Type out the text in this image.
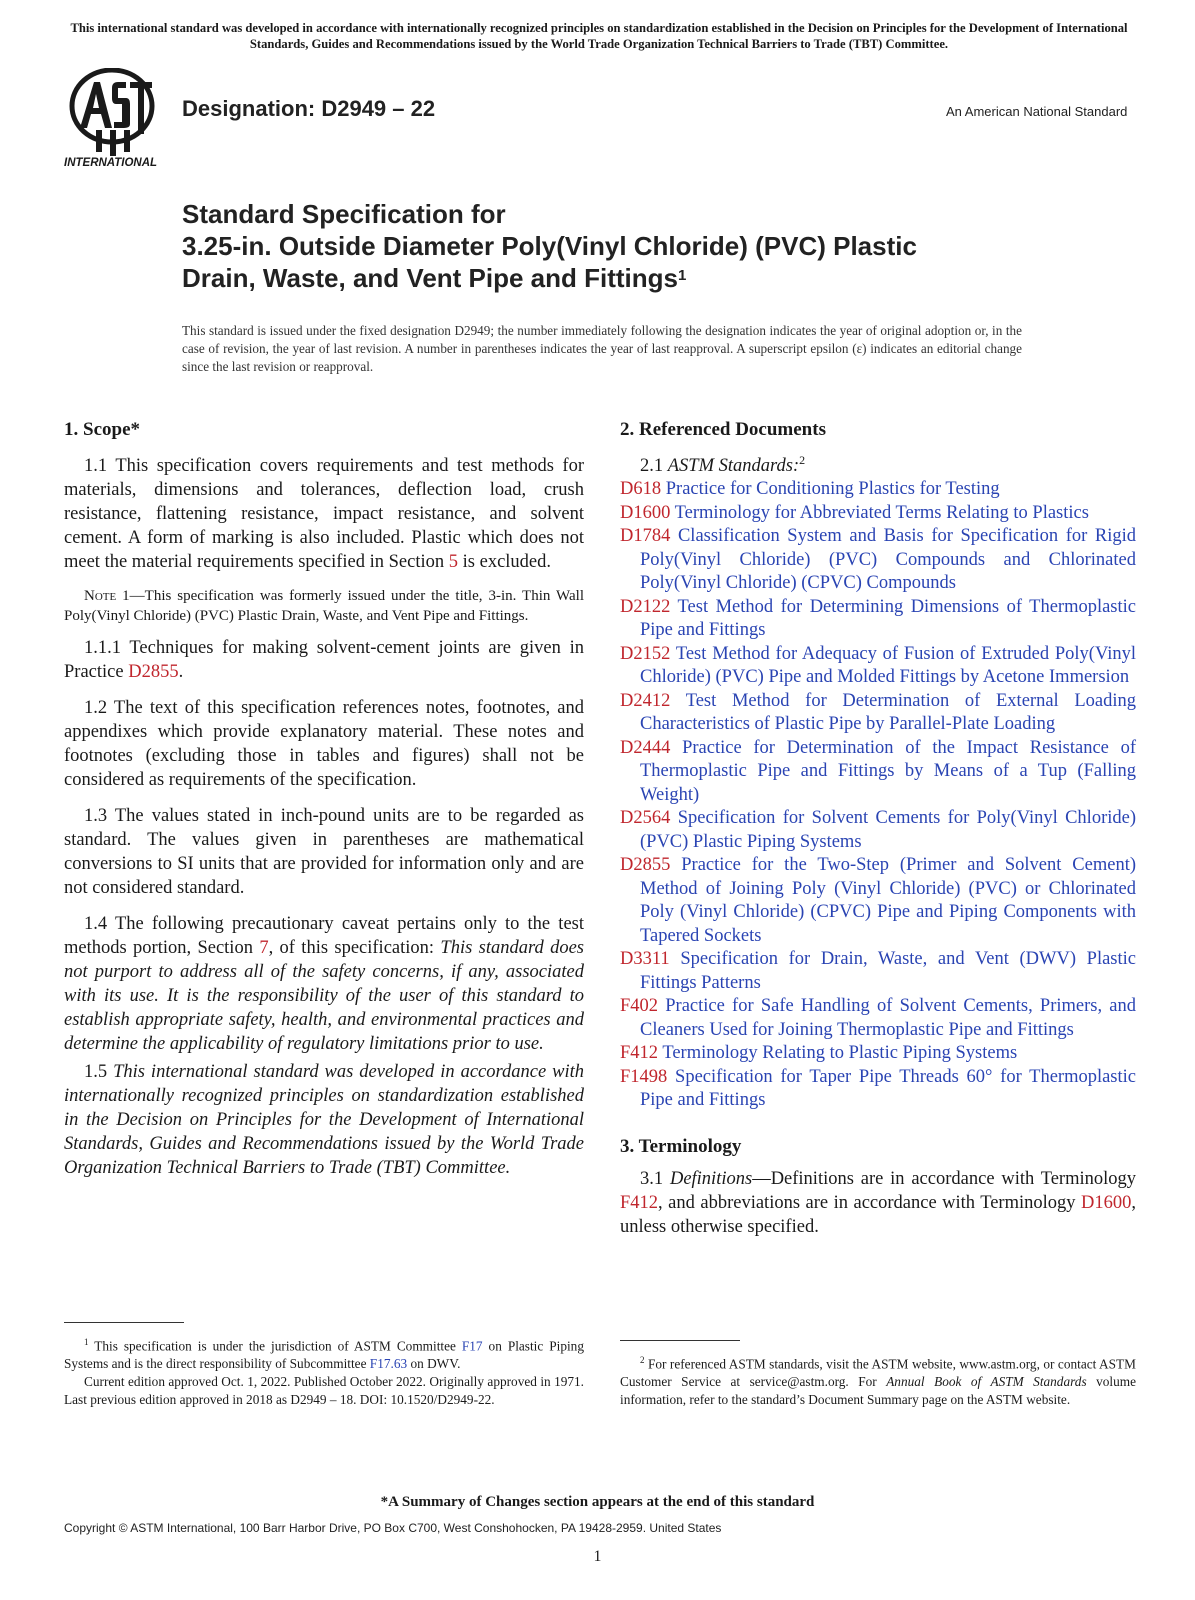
This international standard was developed in accordance with internationally recognized principles on standardization established in the Decision on Principles for the Development of International Standards, Guides and Recommendations issued by the World Trade Organization Technical Barriers to Trade (TBT) Committee.
INTERNATIONAL
Designation: D2949 – 22	An American National Standard
Standard Specification for
3.25-in. Outside Diameter Poly(Vinyl Chloride) (PVC) Plastic
Drain, Waste, and Vent Pipe and Fittings$^1$
This standard is issued under the fixed designation D2949; the number immediately following the designation indicates the year of original adoption or, in the case of revision, the year of last revision. A number in parentheses indicates the year of last reapproval. A superscript epsilon (ε) indicates an editorial change since the last revision or reapproval.
1. Scope*

1.1 This specification covers requirements and test methods for materials, dimensions and tolerances, deflection load, crush resistance, flattening resistance, impact resistance, and solvent cement. A form of marking is also included. Plastic which does not meet the material requirements specified in Section 5 is excluded.

Note 1—This specification was formerly issued under the title, 3-in. Thin Wall Poly(Vinyl Chloride) (PVC) Plastic Drain, Waste, and Vent Pipe and Fittings.

1.1.1 Techniques for making solvent-cement joints are given in Practice D2855.

1.2 The text of this specification references notes, footnotes, and appendixes which provide explanatory material. These notes and footnotes (excluding those in tables and figures) shall not be considered as requirements of the specification.

1.3 The values stated in inch-pound units are to be regarded as standard. The values given in parentheses are mathematical conversions to SI units that are provided for information only and are not considered standard.

1.4 The following precautionary caveat pertains only to the test methods portion, Section 7, of this specification: This standard does not purport to address all of the safety concerns, if any, associated with its use. It is the responsibility of the user of this standard to establish appropriate safety, health, and environmental practices and determine the applicability of regulatory limitations prior to use.

1.5 This international standard was developed in accordance with internationally recognized principles on standardization established in the Decision on Principles for the Development of International Standards, Guides and Recommendations issued by the World Trade Organization Technical Barriers to Trade (TBT) Committee.

2. Referenced Documents
2.1 ASTM Standards:$^2$

D618 Practice for Conditioning Plastics for Testing

D1600 Terminology for Abbreviated Terms Relating to Plastics

D1784 Classification System and Basis for Specification for Rigid Poly(Vinyl Chloride) (PVC) Compounds and Chlorinated Poly(Vinyl Chloride) (CPVC) Compounds

D2122 Test Method for Determining Dimensions of Thermoplastic Pipe and Fittings

D2152 Test Method for Adequacy of Fusion of Extruded Poly(Vinyl Chloride) (PVC) Pipe and Molded Fittings by Acetone Immersion

D2412 Test Method for Determination of External Loading Characteristics of Plastic Pipe by Parallel-Plate Loading

D2444 Practice for Determination of the Impact Resistance of Thermoplastic Pipe and Fittings by Means of a Tup (Falling Weight)

D2564 Specification for Solvent Cements for Poly(Vinyl Chloride) (PVC) Plastic Piping Systems

D2855 Practice for the Two-Step (Primer and Solvent Cement) Method of Joining Poly (Vinyl Chloride) (PVC) or Chlorinated Poly (Vinyl Chloride) (CPVC) Pipe and Piping Components with Tapered Sockets

D3311 Specification for Drain, Waste, and Vent (DWV) Plastic Fittings Patterns

F402 Practice for Safe Handling of Solvent Cements, Primers, and Cleaners Used for Joining Thermoplastic Pipe and Fittings

F412 Terminology Relating to Plastic Piping Systems

F1498 Specification for Taper Pipe Threads 60° for Thermoplastic Pipe and Fittings

3. Terminology

3.1 Definitions—Definitions are in accordance with Terminology F412, and abbreviations are in accordance with Terminology D1600, unless otherwise specified.

$^1$ This specification is under the jurisdiction of ASTM Committee F17 on Plastic Piping Systems and is the direct responsibility of Subcommittee F17.63 on DWV.

Current edition approved Oct. 1, 2022. Published October 2022. Originally approved in 1971. Last previous edition approved in 2018 as D2949 – 18. DOI: 10.1520/D2949-22.

$^2$ For referenced ASTM standards, visit the ASTM website, www.astm.org, or contact ASTM Customer Service at service@astm.org. For Annual Book of ASTM Standards volume information, refer to the standard’s Document Summary page on the ASTM website.

*A Summary of Changes section appears at the end of this standard
Copyright © ASTM International, 100 Barr Harbor Drive, PO Box C700, West Conshohocken, PA 19428-2959. United States
1
